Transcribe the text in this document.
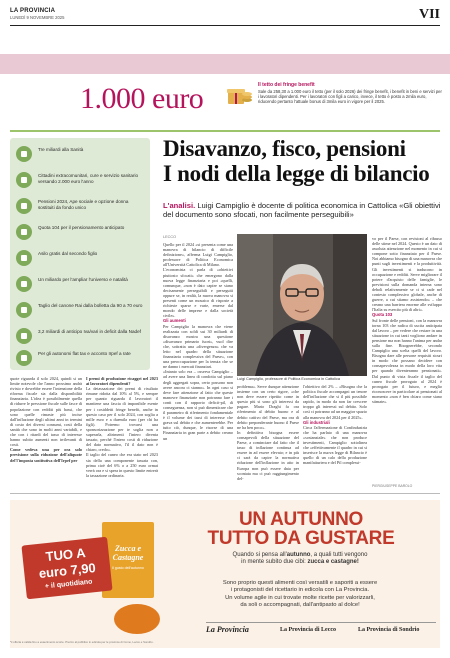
LA PROVINCIA
LUNEDÌ 9 NOVEMBRE 2025	VII
1.000 euro	Il tetto dei fringe benefit
Sale da 258,30 a 1.000 euro il tetto (per il solo 2026) dei fringe benefit, i benefit in beni e servizi per i lavoratori dipendenti. Per i lavoratori con figli a carico, invece, il tetto è posto a 2mila euro, riducendo pertanto l'attuale bonus di 3mila euro in vigore per il 2025.
Tre miliardi alla Sanità
Cittadini extracomunitari, cure e servizio sanitario versando 2.000 euro l'anno
Pensioni 2024, Ape sociale e opzione donna sostituiti da fondo unico
Quota 104 per il pensionamento anticipato
Asilo gratis dal secondo figlio
Un miliardo per l'ampliar l'universo e natalità
Taglio del canone Rai dalla bolletta da 90 a 70 euro
3,2 miliardi di anticipo Iva/vari in deficit dalla Nadef
Per gli autonomi flat tax e acconto Irpef a rate
Disavanzo, fisco, pensioni
I nodi della legge di bilancio
L'analisi. Luigi Campiglio è docente di politica economica in Cattolica «Gli obiettivi del documento sono sfocati, non facilmente perseguibili»
LECCO

Quello per il 2024 «si presenta come una manovra di bilancio di difficile definizione», afferma Luigi Campiglio, professore di Politica Economica all'Università Cattolica di Milano.

L'economista ci parla di «obiettivi piuttosto sfocati» che emergono dalla nuova legge finanziaria e poi «quelli, comunque, «non è dato capire se siano decisamente perseguibili e perseguiti oppure se, in realtà, la nuova manovra si presenti come un mosaico di risposte a richieste sparse e varie, emerse dal mondo delle imprese e dalla società civile».

Gli aumenti

Per Campiglio la manovra che viene realizzata con soldi sui 30 miliardi di disavanzo mostra una questione «disavanzo primario fuori», vuol dire che, sottratta una «divergenza» che va letto nel quadro della situazione finanziaria complessiva del Paese», con una preoccupazione per la tenuta che se ne danno i mercati finanziari.

«Intanto solo era – osserva Campiglio – ad avere una linea di condotta sul piano degli aggregati sopra, certo possono non avere ancora ci stanno». In ogni caso si deve fare attenzione al fatto che queste manovre finanziarie non potranno fare i conti con il rapporto deficit-pil, di conseguenza, non sì può dimenticare che il parametro di riferimento fondamentale è il volume dei tassi di interesse che grava sul debito e che aumenterebbe. Per tutto ciò, dunque, le risorse di una Finanziaria in gran parte a debito creano un

Luigi Campiglio, professore di Politica Economica in Cattolica

problema». Serve dunque attenzione insieme con un certo rigore, «che non deve essere ripetito come in questo più si sono gli interessi da pagare. Mario Draghi fa ora riferimento al debito buono e al debito cattivo del Paese, ma ora di debito preponderante buono il Paese ne ha ben poco».

In definitiva bisogna essere consapevoli della situazione del Paese, a cominciare dal fatto che il tasso di inflazione continua ad essere in ad essere elevato; e in più ci sarà da capire la normativa riduzione dell'inflazione in atto in Europa non può essere data per scontata ma ci può raggiungimento del-

l'obiettivo del 2% – «Bisogna che la politica fiscale accompagni un tenore dell'inflazione che si il più possibile rapido, in modo da non far crescere troppo gli interessi sul debito. Solo così ci potranno ad un maggior spazio alla manovra del 2024 per il 2025».

Gli industriali

Circa l'affermazione di Confindustria che ha parlato di una manovra «sostanziale» che non produce investimenti, Campiglio sottolinea che «effettivamente il quadro in cui si inserisce la nuova legge di Bilancio è quello di un calo della produzione manifatturiera e del Pil complessi-

vo per il Paese, con revisioni al ribasso delle stime nel 2024. Questo è un dato di assoluta attenzione nel momento in cui si compone sotto finanziato per il Paese. Noi abbiamo bisogno di una manovra che punti sugli investimenti e la produttività. Gli investimenti si traducono in occupazione e redditi. Serve migliorare il potere d'acquisto delle famiglie, le previsioni sulla domanda interna sono deboli relativamente se ci si cade nel contesto complessivo globale, anche di guerre, a cui stiamo assistendo» – che creano una barriera enorme alle sviluppo l'Italia su esercito più di altri».

Quota 103

Sul fronte delle pensioni, con la manovra torna 103 che radica di uscita anticipata dal lavoro – per vedere che restare in una situazione in cui tanti vogliono andare in pensione ma non hanno l'anima per andar sulla fine. Bisognerebbe, secondo Campiglio una scelta quelli del lavoro. Bisogna dare alle persone requisiti sicuri in modo che possano decidere con consapevolezza in modo della loro vita per quando diventeranno pensionati». Dal punto di vista fiscale il taglio del cuneo fiscale prorogato al 2024 è prorogato per il futuro, e meglio riconoscere in particolare ai pensionati al momento «non è ben chiaro come siano stimate».

PIERGIUSEPPE BAROLO

quote riguarda il solo 2024, quindi si un limite notevole che l'anno prossimo andrà rivisto e dovrebbe essere l'intenzione della riforma fiscale sia dalla disponibilità finanziaria. L'idea è possibilmente quella di ridurre le pressione fiscale sulle fasce di popolazione con redditi più bassi, che sono quelle rimaste più incise dall'inflazione degli ultimi anni in termini di costo dei diversi consumi, costi della sanità che sono in molti anni variabili, e che con i ritardi del tasso di interesse hanno subito aumenti non irrilevanti di costi.

Come vedeva una per ora solo previsione sulla riduzione dell'aliquote del'l'imposta sostitutiva dell'Irpef per

I premi di produzione ricaggri nel 2023 ai lavoratori dipendenti?

La detassazione dei premi di risultato rimane ridotta dal 10% al 5%, e sempre per quanto riguarda il lavoratori il mantiene una fascia di imponibile esente per i cosiddetti fringe benefit, anche in questo caso per il solo 2024, con soglia a mille euro e a duemila euro (per chi ha figli). Potremo trovarsi una sponsorizzazione per te soglia non a superarla, altrimenti l'intero diventa tassato, perché l'intero costi di riduzione del dato normativo, l'il il dato non è chiaro, credo».

Il taglio del cuneo che era stato nel 2023 sia della una componente tassata con, prima cioè del 6% o a 250 euro ormai verrà ora e si spera in questo limite entrerà la tassazione ordinaria.

Zucca e Castagne
Il gusto dell'autunno
TUO A
euro 7,90
+ il quotidiano
UN AUTUNNO
TUTTO DA GUSTARE
Quando si pensa all'autunno, a quali tutti vengono
in mente subito due cibi: zucca e castagne!
Sono proprio questi alimenti così versatili e saporiti a essere
i protagonisti del ricettario in edicola con La Provincia.
Un volume agile in cui trovate molte ricette per valorizzarli,
da soli o accompagnati, dall'antipasto al dolce!
La Provincia	La Provincia di Lecco	La Provincia di Sondrio
*L'offerta è valida fino a esaurimento scorte. Prezzo al pubblico in edicola per le province di Como, Lecco e Sondrio.
